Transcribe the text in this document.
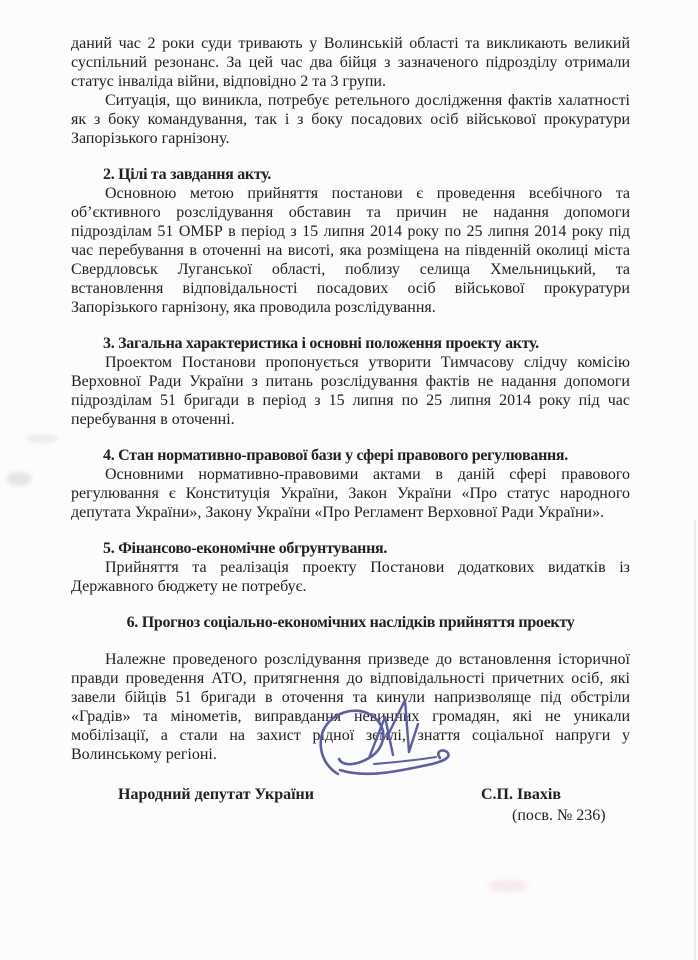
даний час 2 роки суди тривають у Волинській області та викликають великий суспільний резонанс. За цей час два бійця з зазначеного підрозділу отримали статус інваліда війни, відповідно 2 та 3 групи.

Ситуація, що виникла, потребує ретельного дослідження фактів халатності як з боку командування, так і з боку посадових осіб військової прокуратури Запорізького гарнізону.

2. Цілі та завдання акту.

Основною метою прийняття постанови є проведення всебічного та об’єктивного розслідування обставин та причин не надання допомоги підрозділам 51 ОМБР в період з 15 липня 2014 року по 25 липня 2014 року під час перебування в оточенні на висоті, яка розміщена на південній околиці міста Свердловськ Луганської області, поблизу селища Хмельницький, та встановлення відповідальності посадових осіб військової прокуратури Запорізького гарнізону, яка проводила розслідування.

3. Загальна характеристика і основні положення проекту акту.

Проектом Постанови пропонується утворити Тимчасову слідчу комісію Верховної Ради України з питань розслідування фактів не надання допомоги підрозділам 51 бригади в період з 15 липня по 25 липня 2014 року під час перебування в оточенні.

4. Стан нормативно-правової бази у сфері правового регулювання.

Основними нормативно-правовими актами в даній сфері правового регулювання є Конституція України, Закон України «Про статус народного депутата України», Закону України «Про Регламент Верховної Ради України».

5. Фінансово-економічне обгрунтування.

Прийняття та реалізація проекту Постанови додаткових видатків із Державного бюджету не потребує.

6. Прогноз соціально-економічних наслідків прийняття проекту

Належне проведеного розслідування призведе до встановлення історичної правди проведення АТО, притягнення до відповідальності причетних осіб, які завели бійців 51 бригади в оточення та кинули напризволяще під обстріли «Градів» та мінометів, виправдання невинних громадян, які не уникали мобілізації, а стали на захист рідної землі, знаття соціальної напруги у Волинському регіоні.

Народний депутат України	С.П. Івахів
(посв. № 236)
